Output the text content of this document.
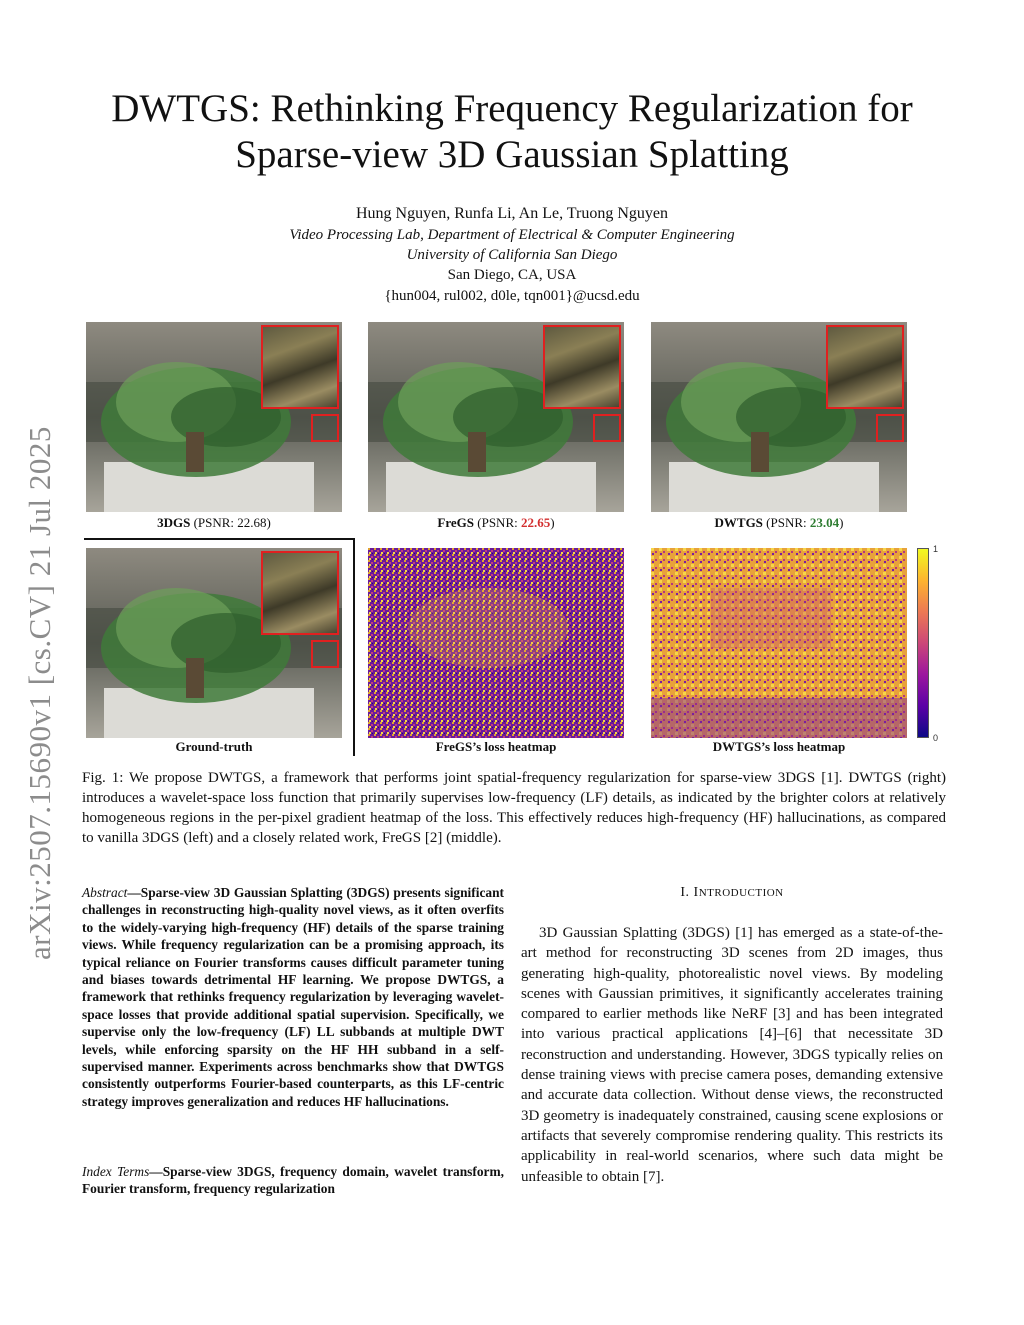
arXiv:2507.15690v1 [cs.CV] 21 Jul 2025
DWTGS: Rethinking Frequency Regularization for Sparse-view 3D Gaussian Splatting
Hung Nguyen, Runfa Li, An Le, Truong Nguyen
Video Processing Lab, Department of Electrical & Computer Engineering
University of California San Diego
San Diego, CA, USA
{hun004, rul002, d0le, tqn001}@ucsd.edu
3DGS (PSNR: 22.68)	FreGS (PSNR: 22.65)	DWTGS (PSNR: 23.04)
1
0
Ground-truth	FreGS’s loss heatmap	DWTGS’s loss heatmap
Fig. 1: We propose DWTGS, a framework that performs joint spatial-frequency regularization for sparse-view 3DGS [1]. DWTGS (right) introduces a wavelet-space loss function that primarily supervises low-frequency (LF) details, as indicated by the brighter colors at relatively homogeneous regions in the per-pixel gradient heatmap of the loss. This effectively reduces high-frequency (HF) hallucinations, as compared to vanilla 3DGS (left) and a closely related work, FreGS [2] (middle).
Abstract—Sparse-view 3D Gaussian Splatting (3DGS) presents significant challenges in reconstructing high-quality novel views, as it often overfits to the widely-varying high-frequency (HF) details of the sparse training views. While frequency regularization can be a promising approach, its typical reliance on Fourier transforms causes difficult parameter tuning and biases towards detrimental HF learning. We propose DWTGS, a framework that rethinks frequency regularization by leveraging wavelet-space losses that provide additional spatial supervision. Specifically, we supervise only the low-frequency (LF) LL subbands at multiple DWT levels, while enforcing sparsity on the HF HH subband in a self-supervised manner. Experiments across benchmarks show that DWTGS consistently outperforms Fourier-based counterparts, as this LF-centric strategy improves generalization and reduces HF hallucinations.
Index Terms—Sparse-view 3DGS, frequency domain, wavelet transform, Fourier transform, frequency regularization
I. INTRODUCTION
3D Gaussian Splatting (3DGS) [1] has emerged as a state-of-the-art method for reconstructing 3D scenes from 2D images, thus generating high-quality, photorealistic novel views. By modeling scenes with Gaussian primitives, it significantly accelerates training compared to earlier methods like NeRF [3] and has been integrated into various practical applications [4]–[6] that necessitate 3D reconstruction and understanding. However, 3DGS typically relies on dense training views with precise camera poses, demanding extensive and accurate data collection. Without dense views, the reconstructed 3D geometry is inadequately constrained, causing scene explosions or artifacts that severely compromise rendering quality. This restricts its applicability in real-world scenarios, where such data might be unfeasible to obtain [7].
